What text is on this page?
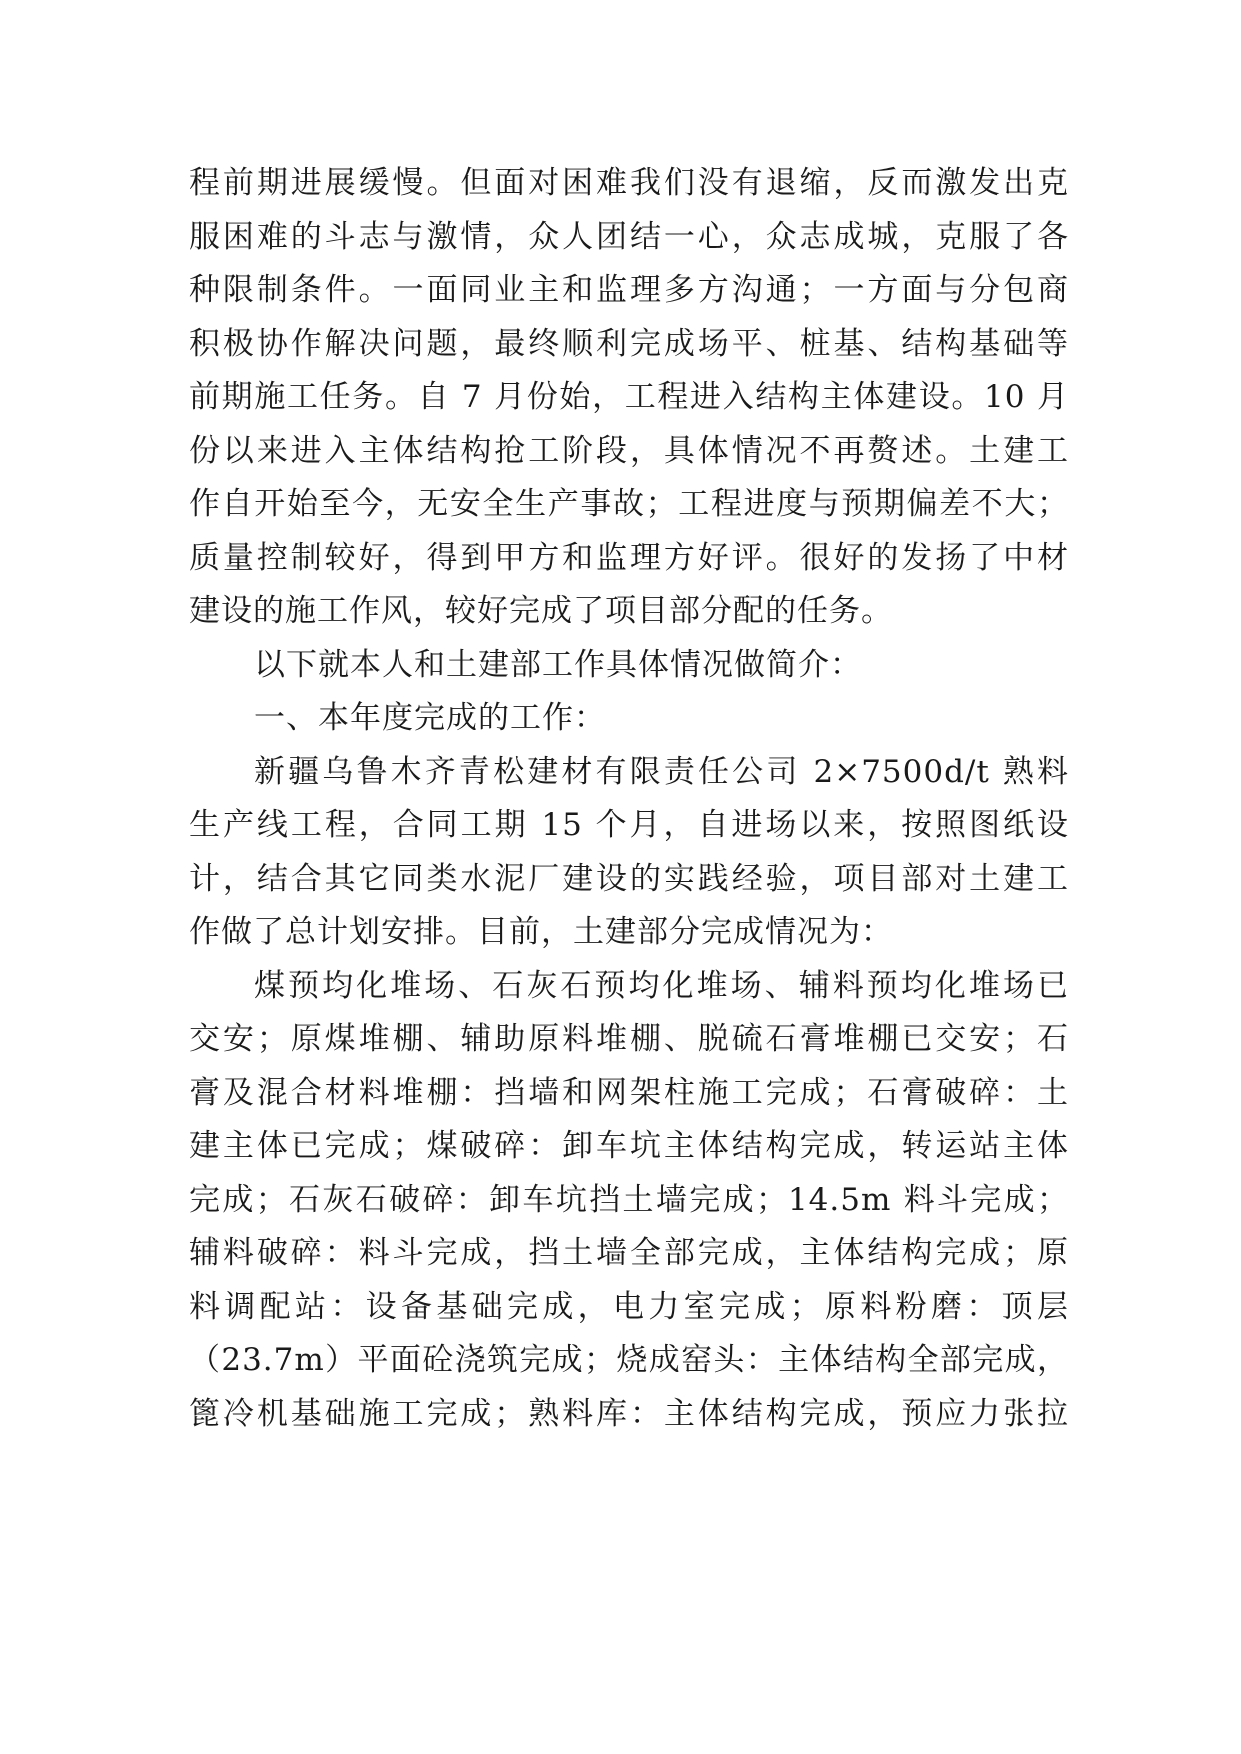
程前期进展缓慢。但面对困难我们没有退缩，反而激发出克
服困难的斗志与激情，众人团结一心，众志成城，克服了各
种限制条件。一面同业主和监理多方沟通；一方面与分包商
积极协作解决问题，最终顺利完成场平、桩基、结构基础等
前期施工任务。自 7 月份始，工程进入结构主体建设。10 月
份以来进入主体结构抢工阶段，具体情况不再赘述。土建工
作自开始至今，无安全生产事故；工程进度与预期偏差不大；
质量控制较好，得到甲方和监理方好评。很好的发扬了中材
建设的施工作风，较好完成了项目部分配的任务。
以下就本人和土建部工作具体情况做简介：
一、本年度完成的工作：
新疆乌鲁木齐青松建材有限责任公司 2×7500d/t 熟料
生产线工程，合同工期 15 个月，自进场以来，按照图纸设
计，结合其它同类水泥厂建设的实践经验，项目部对土建工
作做了总计划安排。目前，土建部分完成情况为：
煤预均化堆场、石灰石预均化堆场、辅料预均化堆场已
交安；原煤堆棚、辅助原料堆棚、脱硫石膏堆棚已交安；石
膏及混合材料堆棚：挡墙和网架柱施工完成；石膏破碎：土
建主体已完成；煤破碎：卸车坑主体结构完成，转运站主体
完成；石灰石破碎：卸车坑挡土墙完成；14.5m 料斗完成；
辅料破碎：料斗完成，挡土墙全部完成，主体结构完成；原
料调配站：设备基础完成，电力室完成；原料粉磨：顶层
（23.7m）平面砼浇筑完成；烧成窑头：主体结构全部完成，
篦冷机基础施工完成；熟料库：主体结构完成，预应力张拉
